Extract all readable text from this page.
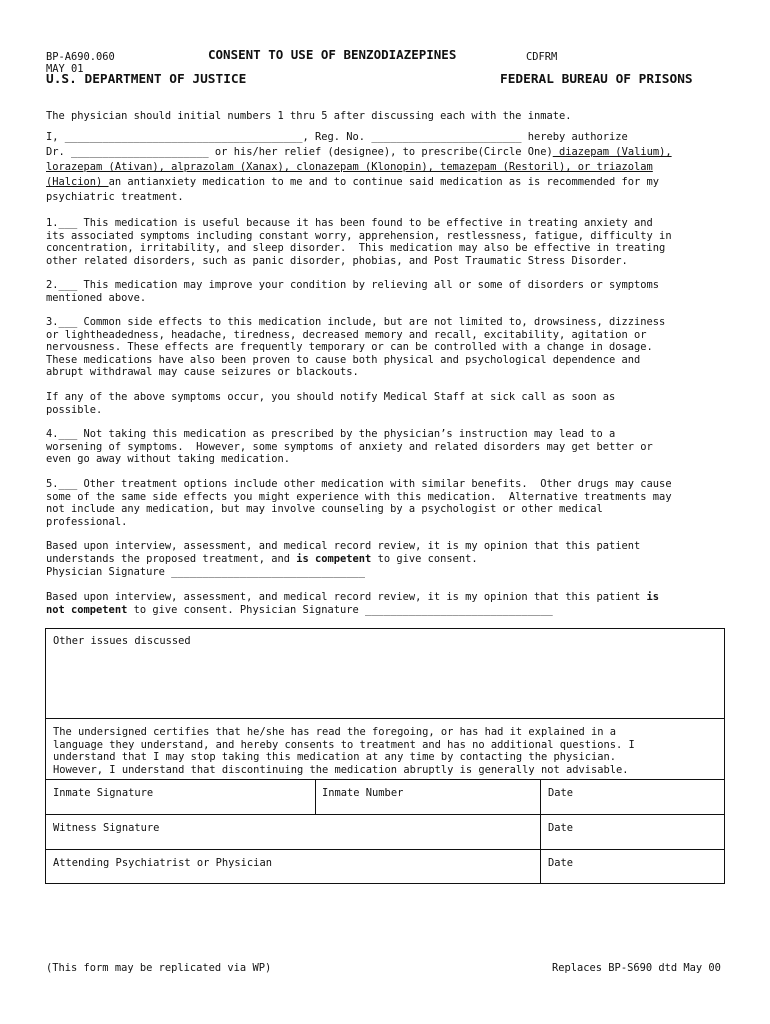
BP-A690.060
MAY 01
CONSENT TO USE OF BENZODIAZEPINES	CDFRM
U.S. DEPARTMENT OF JUSTICE	FEDERAL BUREAU OF PRISONS
The physician should initial numbers 1 thru 5 after discussing each with the inmate.
I, ______________________________________, Reg. No. ________________________ hereby authorize
Dr. ______________________ or his/her relief (designee), to prescribe(Circle One) diazepam (Valium),
lorazepam (Ativan), alprazolam (Xanax), clonazepam (Klonopin), temazepam (Restoril), or triazolam
(Halcion) an antianxiety medication to me and to continue said medication as is recommended for my
psychiatric treatment.
1.___ This medication is useful because it has been found to be effective in treating anxiety and
its associated symptoms including constant worry, apprehension, restlessness, fatigue, difficulty in
concentration, irritability, and sleep disorder.  This medication may also be effective in treating
other related disorders, such as panic disorder, phobias, and Post Traumatic Stress Disorder.
2.___ This medication may improve your condition by relieving all or some of disorders or symptoms
mentioned above.
3.___ Common side effects to this medication include, but are not limited to, drowsiness, dizziness
or lightheadedness, headache, tiredness, decreased memory and recall, excitability, agitation or
nervousness. These effects are frequently temporary or can be controlled with a change in dosage.
These medications have also been proven to cause both physical and psychological dependence and
abrupt withdrawal may cause seizures or blackouts.
If any of the above symptoms occur, you should notify Medical Staff at sick call as soon as
possible.
4.___ Not taking this medication as prescribed by the physician’s instruction may lead to a
worsening of symptoms.  However, some symptoms of anxiety and related disorders may get better or
even go away without taking medication.
5.___ Other treatment options include other medication with similar benefits.  Other drugs may cause
some of the same side effects you might experience with this medication.  Alternative treatments may
not include any medication, but may involve counseling by a psychologist or other medical
professional.
Based upon interview, assessment, and medical record review, it is my opinion that this patient
understands the proposed treatment, and is competent to give consent.
Physician Signature _______________________________
Based upon interview, assessment, and medical record review, it is my opinion that this patient is
not competent to give consent. Physician Signature ______________________________
Other issues discussed
The undersigned certifies that he/she has read the foregoing, or has had it explained in a
language they understand, and hereby consents to treatment and has no additional questions. I
understand that I may stop taking this medication at any time by contacting the physician.
However, I understand that discontinuing the medication abruptly is generally not advisable.
Inmate Signature	Inmate Number	Date
Witness Signature	Date
Attending Psychiatrist or Physician	Date
(This form may be replicated via WP)	Replaces BP-S690 dtd May 00
